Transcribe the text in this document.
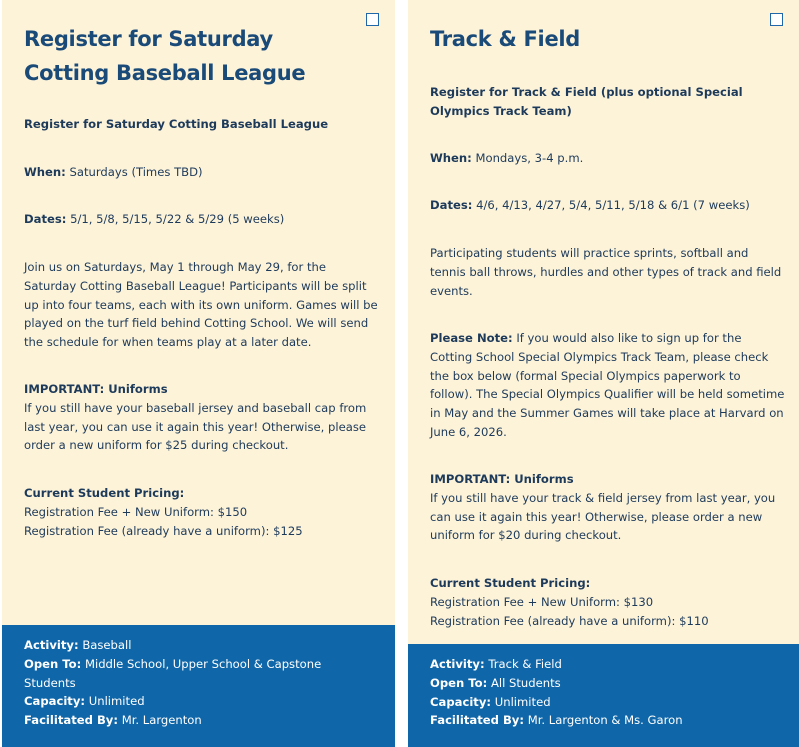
Register for Saturday Cotting Baseball League
Register for Saturday Cotting Baseball League
When: Saturdays (Times TBD)
Dates: 5/1, 5/8, 5/15, 5/22 & 5/29 (5 weeks)

Join us on Saturdays, May 1 through May 29, for the Saturday Cotting Baseball League! Participants will be split up into four teams, each with its own uniform. Games will be played on the turf field behind Cotting School. We will send the schedule for when teams play at a later date.

IMPORTANT: Uniforms
If you still have your baseball jersey and baseball cap from last year, you can use it again this year! Otherwise, please order a new uniform for $25 during checkout.
Current Student Pricing:
Registration Fee + New Uniform: $150
Registration Fee (already have a uniform): $125
Activity: Baseball
Open To: Middle School, Upper School & Capstone Students
Capacity: Unlimited
Facilitated By: Mr. Largenton
Track & Field
Register for Track & Field (plus optional Special Olympics Track Team)
When: Mondays, 3-4 p.m.
Dates: 4/6, 4/13, 4/27, 5/4, 5/11, 5/18 & 6/1 (7 weeks)

Participating students will practice sprints, softball and tennis ball throws, hurdles and other types of track and field events.

Please Note: If you would also like to sign up for the Cotting School Special Olympics Track Team, please check the box below (formal Special Olympics paperwork to follow). The Special Olympics Qualifier will be held sometime in May and the Summer Games will take place at Harvard on June 6, 2026.

IMPORTANT: Uniforms
If you still have your track & field jersey from last year, you can use it again this year! Otherwise, please order a new uniform for $20 during checkout.
Current Student Pricing:
Registration Fee + New Uniform: $130
Registration Fee (already have a uniform): $110
Activity: Track & Field
Open To: All Students
Capacity: Unlimited
Facilitated By: Mr. Largenton & Ms. Garon
